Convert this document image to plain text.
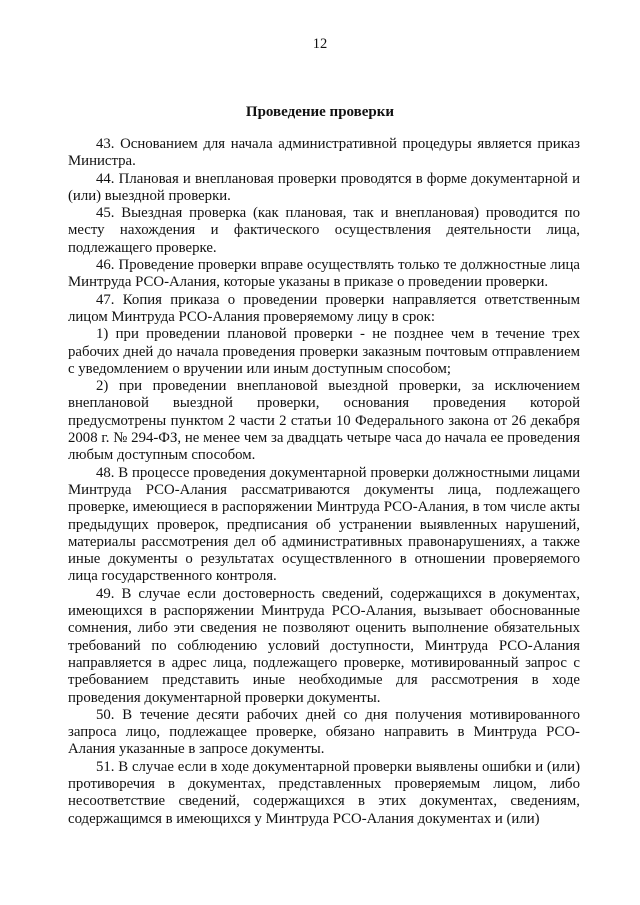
12
Проведение проверки

43. Основанием для начала административной процедуры является приказ Министра.

44. Плановая и внеплановая проверки проводятся в форме документарной и (или) выездной проверки.

45. Выездная проверка (как плановая, так и внеплановая) проводится по месту нахождения и фактического осуществления деятельности лица, подлежащего проверке.

46. Проведение проверки вправе осуществлять только те должностные лица Минтруда РСО-Алания, которые указаны в приказе о проведении проверки.

47. Копия приказа о проведении проверки направляется ответственным лицом Минтруда РСО-Алания проверяемому лицу в срок:

1) при проведении плановой проверки - не позднее чем в течение трех рабочих дней до начала проведения проверки заказным почтовым отправлением с уведомлением о вручении или иным доступным способом;

2) при проведении внеплановой выездной проверки, за исключением внеплановой выездной проверки, основания проведения которой предусмотрены пунктом 2 части 2 статьи 10 Федерального закона от 26 декабря 2008 г. № 294-ФЗ, не менее чем за двадцать четыре часа до начала ее проведения любым доступным способом.

48. В процессе проведения документарной проверки должностными лицами Минтруда РСО-Алания рассматриваются документы лица, подлежащего проверке, имеющиеся в распоряжении Минтруда РСО-Алания, в том числе акты предыдущих проверок, предписания об устранении выявленных нарушений, материалы рассмотрения дел об административных правонарушениях, а также иные документы о результатах осуществленного в отношении проверяемого лица государственного контроля.

49. В случае если достоверность сведений, содержащихся в документах, имеющихся в распоряжении Минтруда РСО-Алания, вызывает обоснованные сомнения, либо эти сведения не позволяют оценить выполнение обязательных требований по соблюдению условий доступности, Минтруда РСО-Алания направляется в адрес лица, подлежащего проверке, мотивированный запрос с требованием представить иные необходимые для рассмотрения в ходе проведения документарной проверки документы.

50. В течение десяти рабочих дней со дня получения мотивированного запроса лицо, подлежащее проверке, обязано направить в Минтруда РСО-Алания указанные в запросе документы.

51. В случае если в ходе документарной проверки выявлены ошибки и (или) противоречия в документах, представленных проверяемым лицом, либо несоответствие сведений, содержащихся в этих документах, сведениям, содержащимся в имеющихся у Минтруда РСО-Алания документах и (или)
